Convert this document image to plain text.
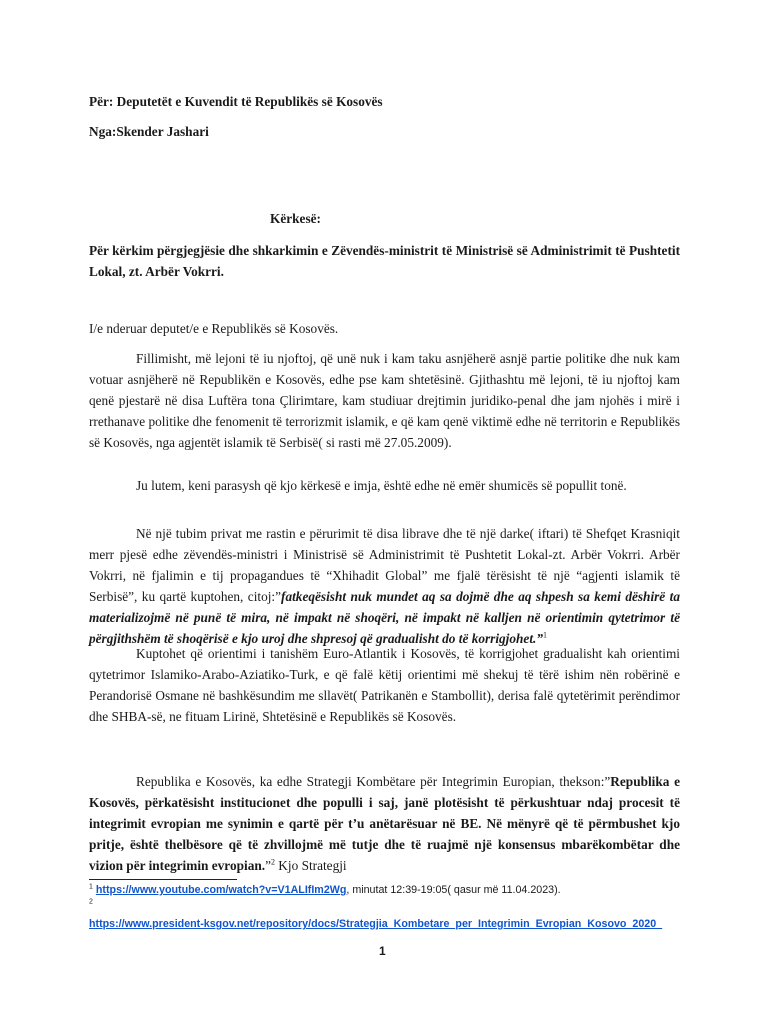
Për: Deputetët e Kuvendit të Republikës së Kosovës
Nga:Skender Jashari
Kërkesë:
Për kërkim përgjegjësie dhe shkarkimin e Zëvendës-ministrit të Ministrisë së Administrimit të Pushtetit Lokal, zt. Arbër Vokrri.
I/e nderuar deputet/e e Republikës së Kosovës.
Fillimisht, më lejoni të iu njoftoj, që unë nuk i kam taku asnjëherë asnjë partie politike dhe nuk kam votuar asnjëherë në Republikën e Kosovës, edhe pse kam shtetësinë. Gjithashtu më lejoni, të iu njoftoj kam qenë pjestarë në disa Luftëra tona Çlirimtare, kam studiuar drejtimin juridiko-penal dhe jam njohës i mirë i rrethanave politike dhe fenomenit të terrorizmit islamik, e që kam qenë viktimë edhe në territorin e Republikës së Kosovës, nga agjentët islamik të Serbisë( si rasti më 27.05.2009).
Ju lutem, keni parasysh që kjo kërkesë e imja, është edhe në emër shumicës së popullit tonë.
Në një tubim privat me rastin e përurimit të disa librave dhe të një darke( iftari) të Shefqet Krasniqit merr pjesë edhe zëvendës-ministri i Ministrisë së Administrimit të Pushtetit Lokal-zt. Arbër Vokrri. Arbër Vokrri, në fjalimin e tij propagandues të “Xhihadit Global” me fjalë tërësisht të një “agjenti islamik të Serbisë”, ku qartë kuptohen, citoj:”fatkeqësisht nuk mundet aq sa dojmë dhe aq shpesh sa kemi dëshirë ta materializojmë në punë të mira, në impakt në shoqëri, në impakt në kalljen në orientimin qytetrimor të përgjithshëm të shoqërisë e kjo uroj dhe shpresoj që gradualisht do të korrigjohet.”$^1$
Kuptohet që orientimi i tanishëm Euro-Atlantik i Kosovës, të korrigjohet gradualisht kah orientimi qytetrimor Islamiko-Arabo-Aziatiko-Turk, e që falë këtij orientimi më shekuj të tërë ishim nën robërinë e Perandorisë Osmane në bashkësundim me sllavët( Patrikanën e Stambollit), derisa falë qytetërimit perëndimor dhe SHBA-së, ne fituam Lirinë, Shtetësinë e Republikës së Kosovës.
Republika e Kosovës, ka edhe Strategji Kombëtare për Integrimin Europian, thekson:”Republika e Kosovës, përkatësisht institucionet dhe populli i saj, janë plotësisht të përkushtuar ndaj procesit të integrimit evropian me synimin e qartë për t’u anëtarësuar në BE. Në mënyrë që të përmbushet kjo pritje, është thelbësore që të zhvillojmë më tutje dhe të ruajmë një konsensus mbarëkombëtar dhe vizion për integrimin evropian.”$^2$ Kjo Strategji
$^1$ https://www.youtube.com/watch?v=V1ALIfIm2Wg, minutat 12:39-19:05( qasur më 11.04.2023).
$^2$
https://www.president-ksgov.net/repository/docs/Strategjia_Kombetare_per_Integrimin_Evropian_Kosovo_2020_
1
